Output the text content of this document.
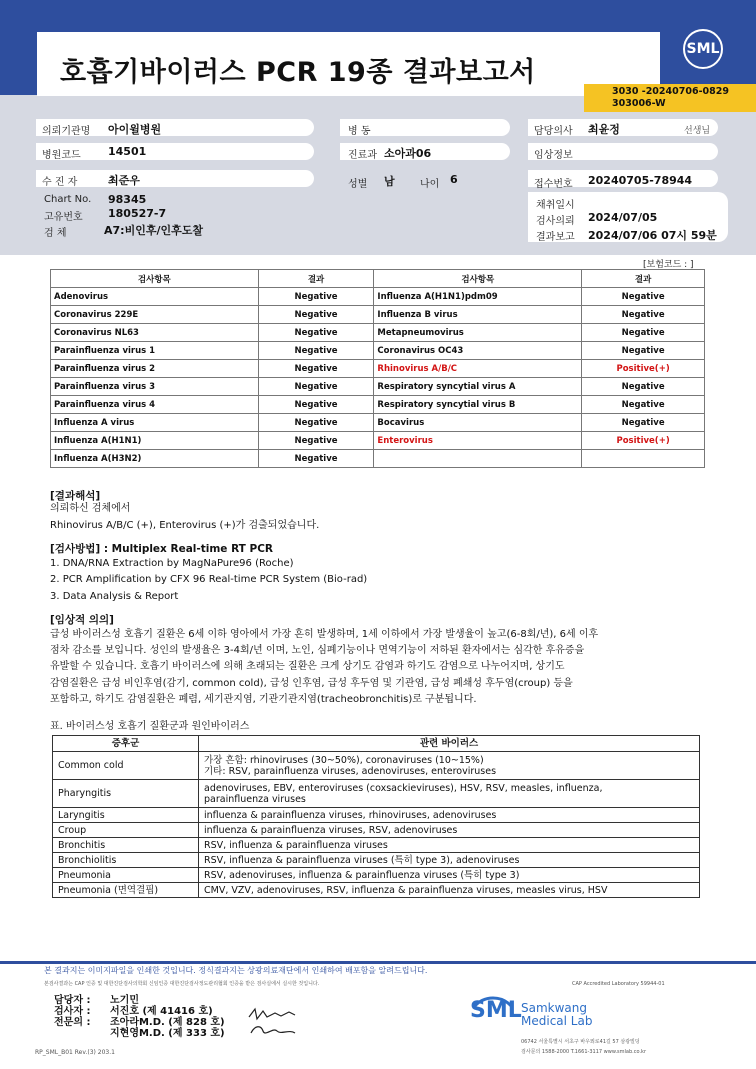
호흡기바이러스 PCR 19종 결과보고서
SML
3030 -20240706-0829
303006-W
의뢰기관명 아이윌병원	병 동	담당의사 최윤정	선생님
병원코드 14501	진료과 소아과06	임상정보
수 진 자	최준우	성별 남	나이 6	접수번호 20240705-78944
Chart No. 98345
고유번호 180527-7
검 체	A7:비인후/인후도찰
채취일시
검사의뢰 2024/07/05
결과보고 2024/07/06 07시 59분
[보험코드 : ]
검사항목	결과	검사항목	결과
Adenovirus	Negative	Influenza A(H1N1)pdm09	Negative
Coronavirus 229E	Negative	Influenza B virus	Negative
Coronavirus NL63	Negative	Metapneumovirus	Negative
Parainfluenza virus 1	Negative	Coronavirus OC43	Negative
Parainfluenza virus 2	Negative	Rhinovirus A/B/C	Positive(+)
Parainfluenza virus 3	Negative	Respiratory syncytial virus A	Negative
Parainfluenza virus 4	Negative	Respiratory syncytial virus B	Negative
Influenza A virus	Negative	Bocavirus	Negative
Influenza A(H1N1)	Negative	Enterovirus	Positive(+)
Influenza A(H3N2)	Negative		
[결과해석]
의뢰하신 검체에서
Rhinovirus A/B/C (+), Enterovirus (+)가 검출되었습니다.
[검사방법] : Multiplex Real-time RT PCR
1. DNA/RNA Extraction by MagNaPure96 (Roche)
2. PCR Amplification by CFX 96 Real-time PCR System (Bio-rad)
3. Data Analysis & Report
[임상적 의의]
급성 바이러스성 호흡기 질환은 6세 이하 영아에서 가장 흔히 발생하며, 1세 이하에서 가장 발생율이 높고(6-8회/년), 6세 이후
점차 감소를 보입니다. 성인의 발생율은 3-4회/년 이며, 노인, 심폐기능이나 면역기능이 저하된 환자에서는 심각한 후유증을
유발할 수 있습니다. 호흡기 바이러스에 의해 초래되는 질환은 크게 상기도 감염과 하기도 감염으로 나누어지며, 상기도
감염질환은 급성 비인후염(감기, common cold), 급성 인후염, 급성 후두염 및 기관염, 급성 폐쇄성 후두염(croup) 등을
포함하고, 하기도 감염질환은 폐렴, 세기관지염, 기관기관지염(tracheobronchitis)로 구분됩니다.
표. 바이러스성 호흡기 질환군과 원인바이러스
증후군	관련 바이러스
Common cold	가장 흔함: rhinoviruses (30~50%), coronaviruses (10~15%)
기타: RSV, parainfluenza viruses, adenoviruses, enteroviruses

Pharyngitis	adenoviruses, EBV, enteroviruses (coxsackieviruses), HSV, RSV, measles, influenza,
parainfluenza viruses

Laryngitis	influenza & parainfluenza viruses, rhinoviruses, adenoviruses

Croup	influenza & parainfluenza viruses, RSV, adenoviruses

Bronchitis	RSV, influenza & parainfluenza viruses

Bronchiolitis	RSV, influenza & parainfluenza viruses (특히 type 3), adenoviruses

Pneumonia	RSV, adenoviruses, influenza & parainfluenza viruses (특히 type 3)

Pneumonia (면역결핍)	CMV, VZV, adenoviruses, RSV, influenza & parainfluenza viruses, measles virus, HSV
본 결과지는 이미지파일을 인쇄한 것입니다. 정식결과지는 상광의료재단에서 인쇄하여 배포함을 알려드립니다.
본검사결과는 CAP 인증 및 대한진단검사의학회 신임인증 대한진단검사정도관리협회 인증을 받은 검사실에서 실시한 것입니다.	CAP Accredited Laboratory 59944-01
담당자 : 노기민
검사자 : 서진호 (제 41416 호)
전문의 : 조아라M.D. (제 828 호)
지현영M.D. (제 333 호)
SML Samkwang
Medical Lab
06742 서울특별시 서초구 바우뫼로41길 57 삼광빌딩
검사문의 1588-2000 T.1661-3117 www.smlab.co.kr
RP_SML_B01 Rev.(3) 203.1
